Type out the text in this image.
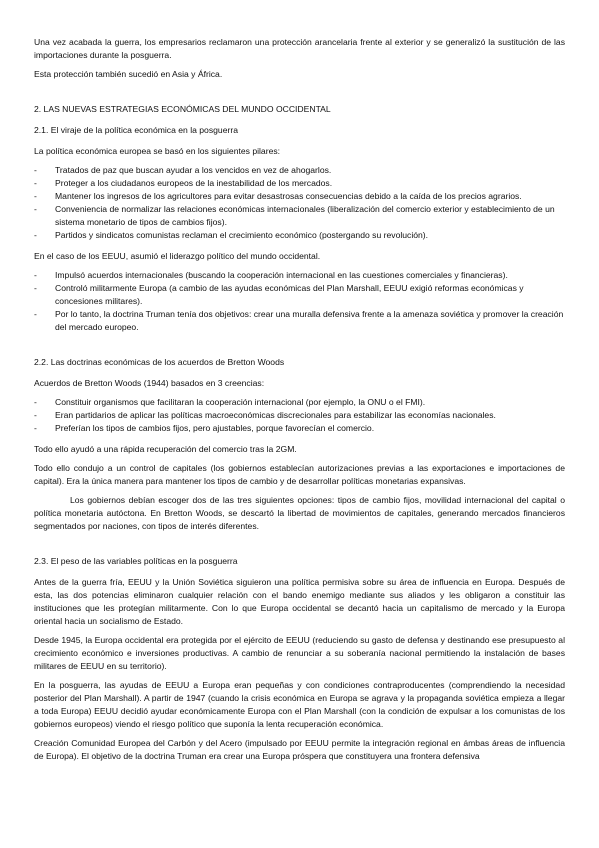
Una vez acabada la guerra, los empresarios reclamaron una protección arancelaria frente al exterior y se generalizó la sustitución de las importaciones durante la posguerra.

Esta protección también sucedió en Asia y África.

2. LAS NUEVAS ESTRATEGIAS ECONÓMICAS DEL MUNDO OCCIDENTAL

2.1. El viraje de la política económica en la posguerra

La política económica europea se basó en los siguientes pilares:

- Tratados de paz que buscan ayudar a los vencidos en vez de ahogarlos.
- Proteger a los ciudadanos europeos de la inestabilidad de los mercados.
- Mantener los ingresos de los agricultores para evitar desastrosas consecuencias debido a la caída de los precios agrarios.
- Conveniencia de normalizar las relaciones económicas internacionales (liberalización del comercio exterior y establecimiento de un sistema monetario de tipos de cambios fijos).
- Partidos y sindicatos comunistas reclaman el crecimiento económico (postergando su revolución).

En el caso de los EEUU, asumió el liderazgo político del mundo occidental.

- Impulsó acuerdos internacionales (buscando la cooperación internacional en las cuestiones comerciales y financieras).
- Controló militarmente Europa (a cambio de las ayudas económicas del Plan Marshall, EEUU exigió reformas económicas y concesiones militares).
- Por lo tanto, la doctrina Truman tenía dos objetivos: crear una muralla defensiva frente a la amenaza soviética y promover la creación del mercado europeo.

2.2. Las doctrinas económicas de los acuerdos de Bretton Woods

Acuerdos de Bretton Woods (1944) basados en 3 creencias:

- Constituir organismos que facilitaran la cooperación internacional (por ejemplo, la ONU o el FMI).
- Eran partidarios de aplicar las políticas macroeconómicas discrecionales para estabilizar las economías nacionales.
- Preferían los tipos de cambios fijos, pero ajustables, porque favorecían el comercio.

Todo ello ayudó a una rápida recuperación del comercio tras la 2GM.

Todo ello condujo a un control de capitales (los gobiernos establecían autorizaciones previas a las exportaciones e importaciones de capital). Era la única manera para mantener los tipos de cambio y de desarrollar políticas monetarias expansivas.

Los gobiernos debían escoger dos de las tres siguientes opciones: tipos de cambio fijos, movilidad internacional del capital o política monetaria autóctona. En Bretton Woods, se descartó la libertad de movimientos de capitales, generando mercados financieros segmentados por naciones, con tipos de interés diferentes.

2.3. El peso de las variables políticas en la posguerra

Antes de la guerra fría, EEUU y la Unión Soviética siguieron una política permisiva sobre su área de influencia en Europa. Después de esta, las dos potencias eliminaron cualquier relación con el bando enemigo mediante sus aliados y les obligaron a constituir las instituciones que les protegían militarmente. Con lo que Europa occidental se decantó hacia un capitalismo de mercado y la Europa oriental hacia un socialismo de Estado.

Desde 1945, la Europa occidental era protegida por el ejército de EEUU (reduciendo su gasto de defensa y destinando ese presupuesto al crecimiento económico e inversiones productivas. A cambio de renunciar a su soberanía nacional permitiendo la instalación de bases militares de EEUU en su territorio).

En la posguerra, las ayudas de EEUU a Europa eran pequeñas y con condiciones contraproducentes (comprendiendo la necesidad posterior del Plan Marshall). A partir de 1947 (cuando la crisis económica en Europa se agrava y la propaganda soviética empieza a llegar a toda Europa) EEUU decidió ayudar económicamente Europa con el Plan Marshall (con la condición de expulsar a los comunistas de los gobiernos europeos) viendo el riesgo político que suponía la lenta recuperación económica.

Creación Comunidad Europea del Carbón y del Acero (impulsado por EEUU permite la integración regional en ámbas áreas de influencia de Europa). El objetivo de la doctrina Truman era crear una Europa próspera que constituyera una frontera defensiva
